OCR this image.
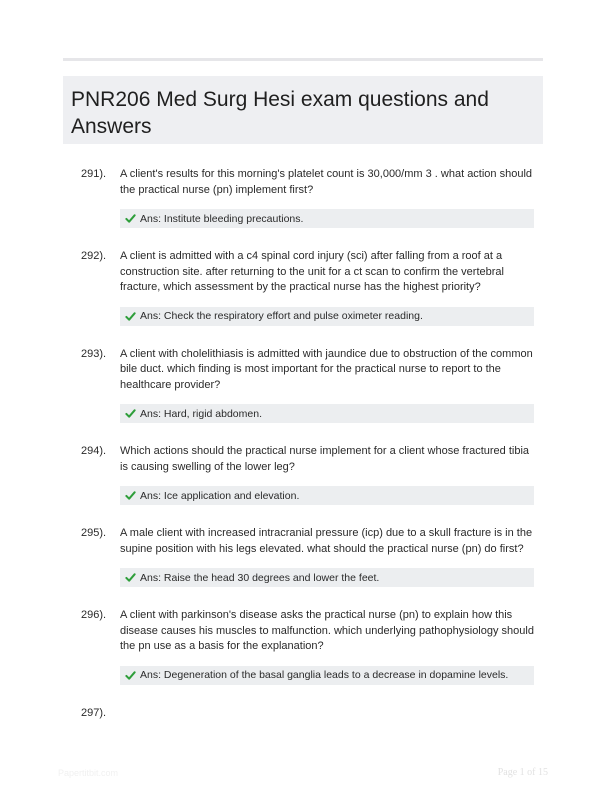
PNR206 Med Surg Hesi exam questions and Answers
291). A client's results for this morning's platelet count is 30,000/mm 3 . what action should the practical nurse (pn) implement first?
Ans: Institute bleeding precautions.
292). A client is admitted with a c4 spinal cord injury (sci) after falling from a roof at a construction site. after returning to the unit for a ct scan to confirm the vertebral fracture, which assessment by the practical nurse has the highest priority?
Ans: Check the respiratory effort and pulse oximeter reading.
293). A client with cholelithiasis is admitted with jaundice due to obstruction of the common bile duct. which finding is most important for the practical nurse to report to the healthcare provider?
Ans: Hard, rigid abdomen.
294). Which actions should the practical nurse implement for a client whose fractured tibia is causing swelling of the lower leg?
Ans: Ice application and elevation.
295). A male client with increased intracranial pressure (icp) due to a skull fracture is in the supine position with his legs elevated. what should the practical nurse (pn) do first?
Ans: Raise the head 30 degrees and lower the feet.
296). A client with parkinson's disease asks the practical nurse (pn) to explain how this disease causes his muscles to malfunction. which underlying pathophysiology should the pn use as a basis for the explanation?
Ans: Degeneration of the basal ganglia leads to a decrease in dopamine levels.
297).
Papertitbit.com	Page 1 of 15
